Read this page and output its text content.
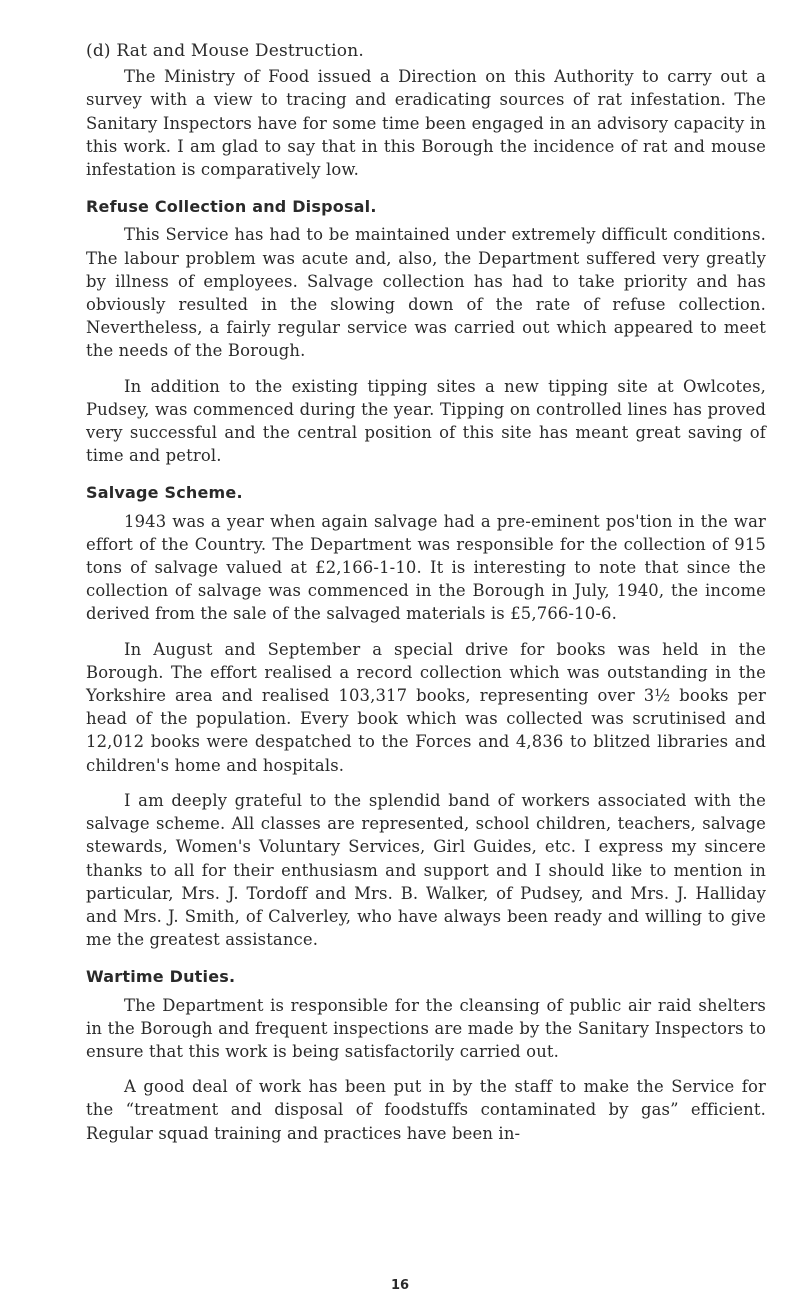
(d) Rat and Mouse Destruction.

The Ministry of Food issued a Direction on this Authority to carry out a survey with a view to tracing and eradicating sources of rat infestation. The Sanitary Inspectors have for some time been engaged in an advisory capacity in this work. I am glad to say that in this Borough the incidence of rat and mouse infestation is comparatively low.

Refuse Collection and Disposal.

This Service has had to be maintained under extremely difficult conditions. The labour problem was acute and, also, the Department suffered very greatly by illness of employees. Salvage collection has had to take priority and has obviously resulted in the slowing down of the rate of refuse collection. Nevertheless, a fairly regular service was carried out which appeared to meet the needs of the Borough.

In addition to the existing tipping sites a new tipping site at Owlcotes, Pudsey, was commenced during the year. Tipping on controlled lines has proved very successful and the central position of this site has meant great saving of time and petrol.

Salvage Scheme.

1943 was a year when again salvage had a pre-eminent pos'tion in the war effort of the Country. The Department was responsible for the collection of 915 tons of salvage valued at £2,166-1-10. It is interesting to note that since the collection of salvage was commenced in the Borough in July, 1940, the income derived from the sale of the salvaged materials is £5,766-10-6.

In August and September a special drive for books was held in the Borough. The effort realised a record collection which was outstanding in the Yorkshire area and realised 103,317 books, representing over 3½ books per head of the population. Every book which was collected was scrutinised and 12,012 books were despatched to the Forces and 4,836 to blitzed libraries and children's home and hospitals.

I am deeply grateful to the splendid band of workers associated with the salvage scheme. All classes are represented, school children, teachers, salvage stewards, Women's Voluntary Services, Girl Guides, etc. I express my sincere thanks to all for their enthusiasm and support and I should like to mention in particular, Mrs. J. Tordoff and Mrs. B. Walker, of Pudsey, and Mrs. J. Halliday and Mrs. J. Smith, of Calverley, who have always been ready and willing to give me the greatest assistance.

Wartime Duties.

The Department is responsible for the cleansing of public air raid shelters in the Borough and frequent inspections are made by the Sanitary Inspectors to ensure that this work is being satisfactorily carried out.

A good deal of work has been put in by the staff to make the Service for the “treatment and disposal of foodstuffs contaminated by gas” efficient. Regular squad training and practices have been in-

16
